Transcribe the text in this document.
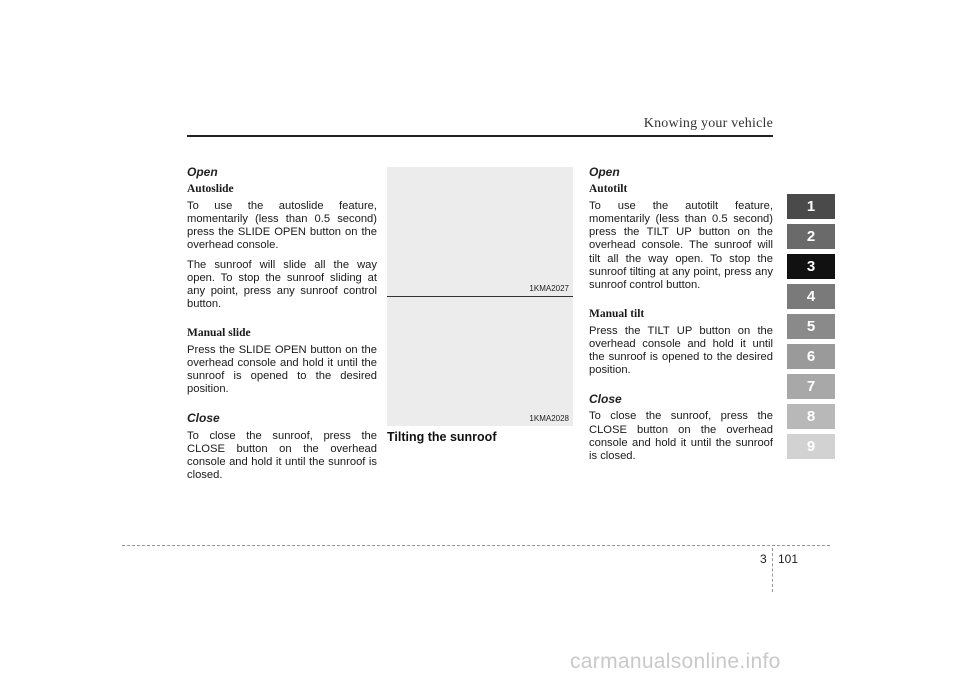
Knowing your vehicle
Open
Autoslide

To use the autoslide feature, momentarily (less than 0.5 second) press the SLIDE OPEN button on the overhead console.

The sunroof will slide all the way open. To stop the sunroof sliding at any point, press any sunroof control button.

Manual slide

Press the SLIDE OPEN button on the overhead console and hold it until the sunroof is opened to the desired position.

Close

To close the sunroof, press the CLOSE button on the overhead console and hold it until the sunroof is closed.

1KMA2027
1KMA2028
Tilting the sunroof
Open
Autotilt

To use the autotilt feature, momentarily (less than 0.5 second) press the TILT UP button on the overhead console. The sunroof will tilt all the way open. To stop the sunroof tilting at any point, press any sunroof control button.

Manual tilt

Press the TILT UP button on the overhead console and hold it until the sunroof is opened to the desired position.

Close

To close the sunroof, press the CLOSE button on the overhead console and hold it until the sunroof is closed.

1
2
3
4
5
6
7
8
9
3 101
carmanualsonline.info
